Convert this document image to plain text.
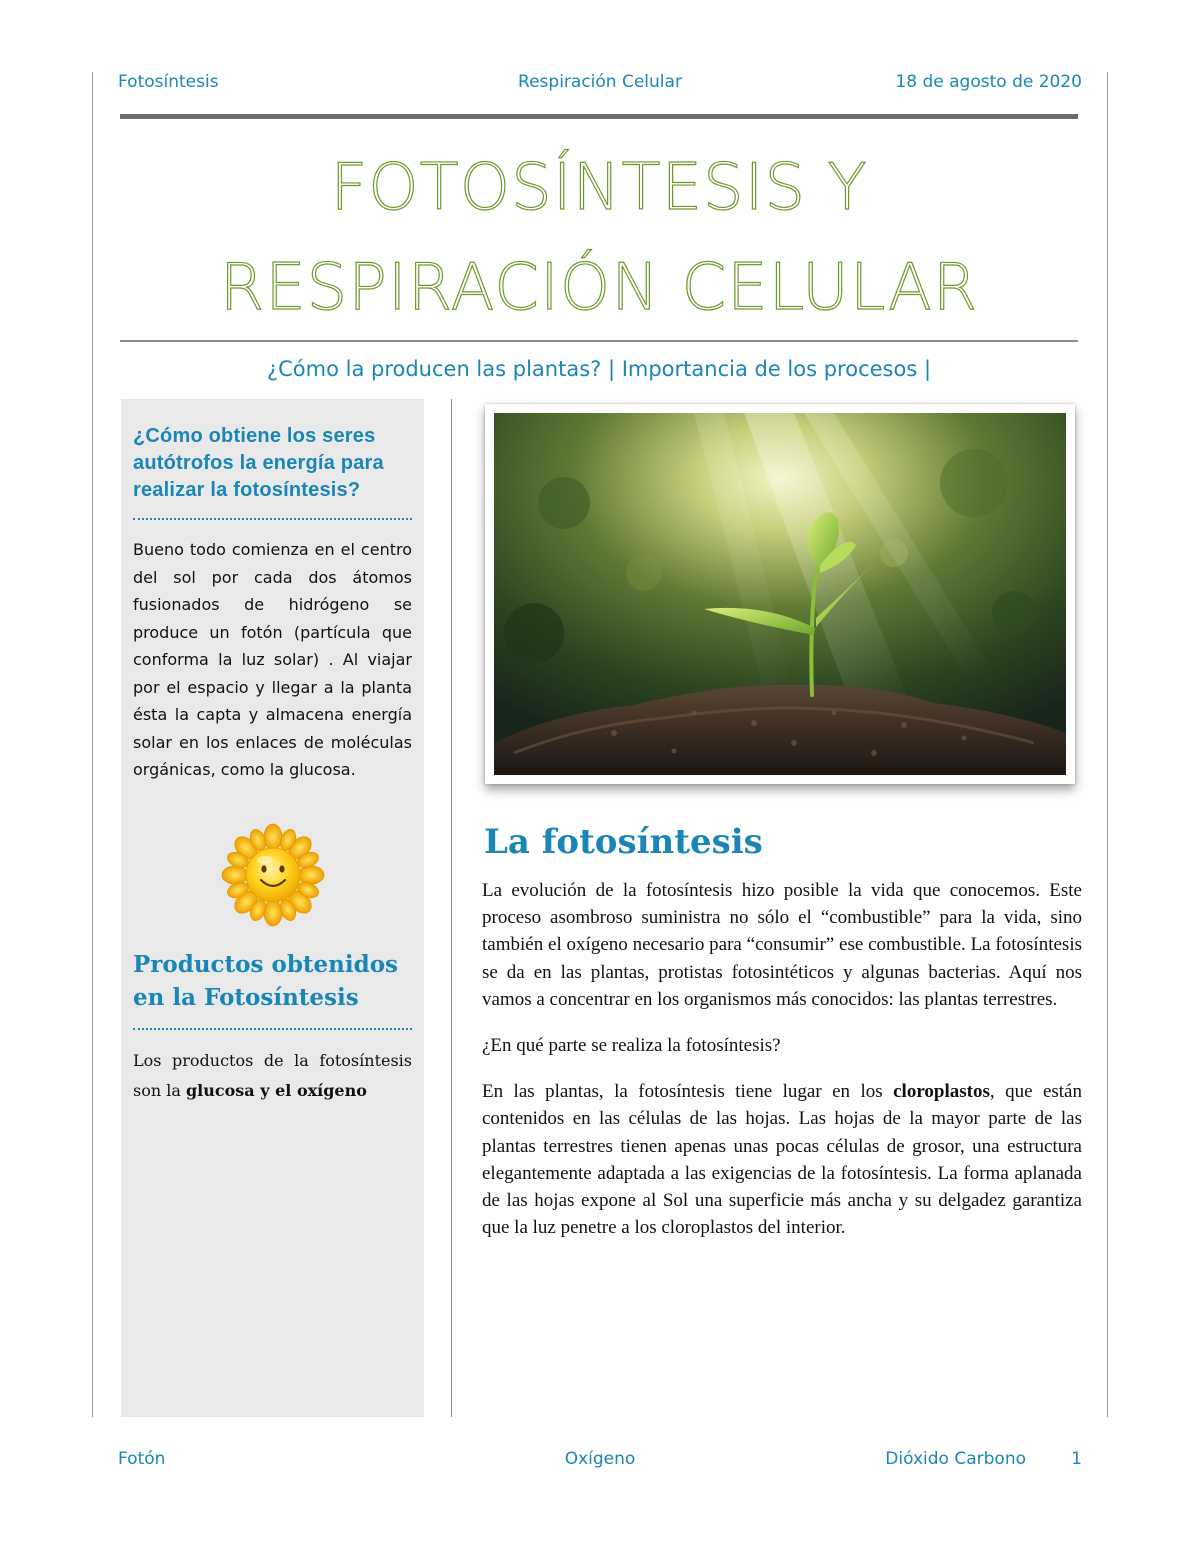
Fotosíntesis	Respiración Celular	18 de agosto de 2020
FOTOSÍNTESIS Y
RESPIRACIÓN CELULAR
¿Cómo la producen las plantas? | Importancia de los procesos |
¿Cómo obtiene los seres autótrofos la energía para realizar la fotosíntesis?

Bueno todo comienza en el centro del sol por cada dos átomos fusionados de hidrógeno se produce un fotón (partícula que conforma la luz solar) . Al viajar por el espacio y llegar a la planta ésta la capta y almacena energía solar en los enlaces de moléculas orgánicas, como la glucosa.

Productos obtenidos en la Fotosíntesis

Los productos de la fotosíntesis son la glucosa y el oxígeno

La fotosíntesis

La evolución de la fotosíntesis hizo posible la vida que conocemos. Este proceso asombroso suministra no sólo el “combustible” para la vida, sino también el oxígeno necesario para “consumir” ese combustible. La fotosíntesis se da en las plantas, protistas fotosintéticos y algunas bacterias. Aquí nos vamos a concentrar en los organismos más conocidos: las plantas terrestres.

¿En qué parte se realiza la fotosíntesis?

En las plantas, la fotosíntesis tiene lugar en los cloroplastos, que están contenidos en las células de las hojas. Las hojas de la mayor parte de las plantas terrestres tienen apenas unas pocas células de grosor, una estructura elegantemente adaptada a las exigencias de la fotosíntesis. La forma aplanada de las hojas expone al Sol una superficie más ancha y su delgadez garantiza que la luz penetre a los cloroplastos del interior.

Fotón	Oxígeno	Dióxido Carbono	1
